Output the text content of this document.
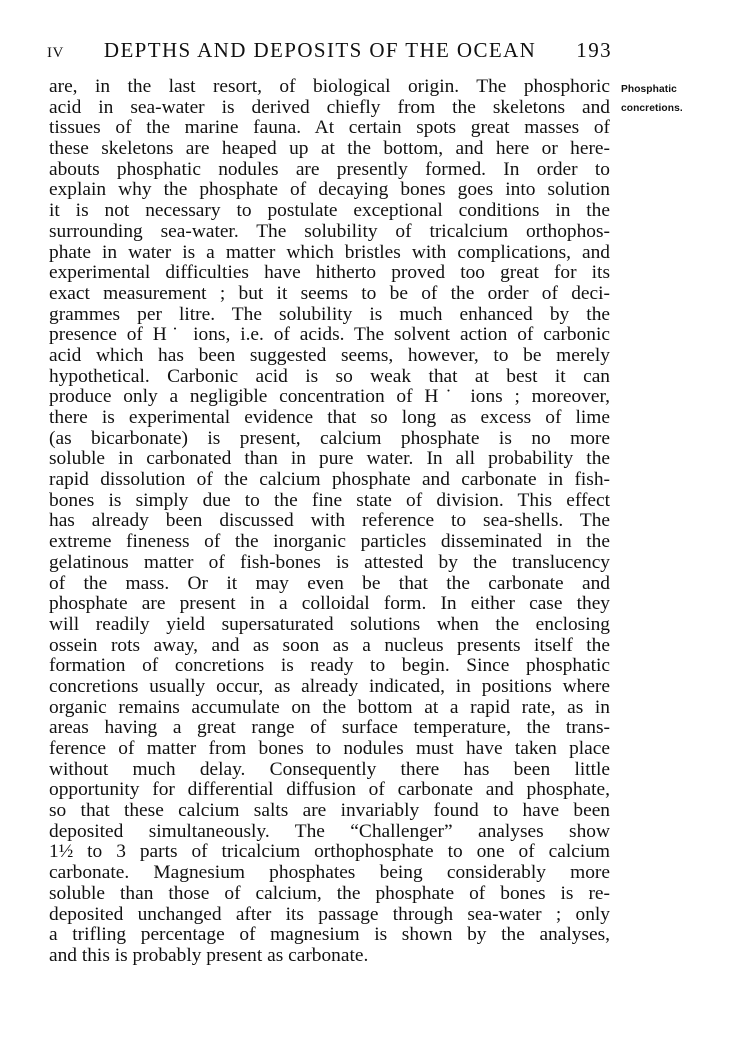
IV	DEPTHS AND DEPOSITS OF THE OCEAN	193
Phosphatic
concretions.
are, in the last resort, of biological origin. The phosphoric
acid in sea-water is derived chiefly from the skeletons and
tissues of the marine fauna. At certain spots great masses of
these skeletons are heaped up at the bottom, and here or here-
abouts phosphatic nodules are presently formed. In order to
explain why the phosphate of decaying bones goes into solution
it is not necessary to postulate exceptional conditions in the
surrounding sea-water. The solubility of tricalcium orthophos-
phate in water is a matter which bristles with complications, and
experimental difficulties have hitherto proved too great for its
exact measurement ; but it seems to be of the order of deci-
grammes per litre. The solubility is much enhanced by the
presence of H˙ ions, i.e. of acids. The solvent action of carbonic
acid which has been suggested seems, however, to be merely
hypothetical. Carbonic acid is so weak that at best it can
produce only a negligible concentration of H˙ ions ; moreover,
there is experimental evidence that so long as excess of lime
(as bicarbonate) is present, calcium phosphate is no more
soluble in carbonated than in pure water. In all probability the
rapid dissolution of the calcium phosphate and carbonate in fish-
bones is simply due to the fine state of division. This effect
has already been discussed with reference to sea-shells. The
extreme fineness of the inorganic particles disseminated in the
gelatinous matter of fish-bones is attested by the translucency
of the mass. Or it may even be that the carbonate and
phosphate are present in a colloidal form. In either case they
will readily yield supersaturated solutions when the enclosing
ossein rots away, and as soon as a nucleus presents itself the
formation of concretions is ready to begin. Since phosphatic
concretions usually occur, as already indicated, in positions where
organic remains accumulate on the bottom at a rapid rate, as in
areas having a great range of surface temperature, the trans-
ference of matter from bones to nodules must have taken place
without much delay. Consequently there has been little
opportunity for differential diffusion of carbonate and phosphate,
so that these calcium salts are invariably found to have been
deposited simultaneously. The “Challenger” analyses show
1½ to 3 parts of tricalcium orthophosphate to one of calcium
carbonate. Magnesium phosphates being considerably more
soluble than those of calcium, the phosphate of bones is re-
deposited unchanged after its passage through sea-water ; only
a trifling percentage of magnesium is shown by the analyses,
and this is probably present as carbonate.
